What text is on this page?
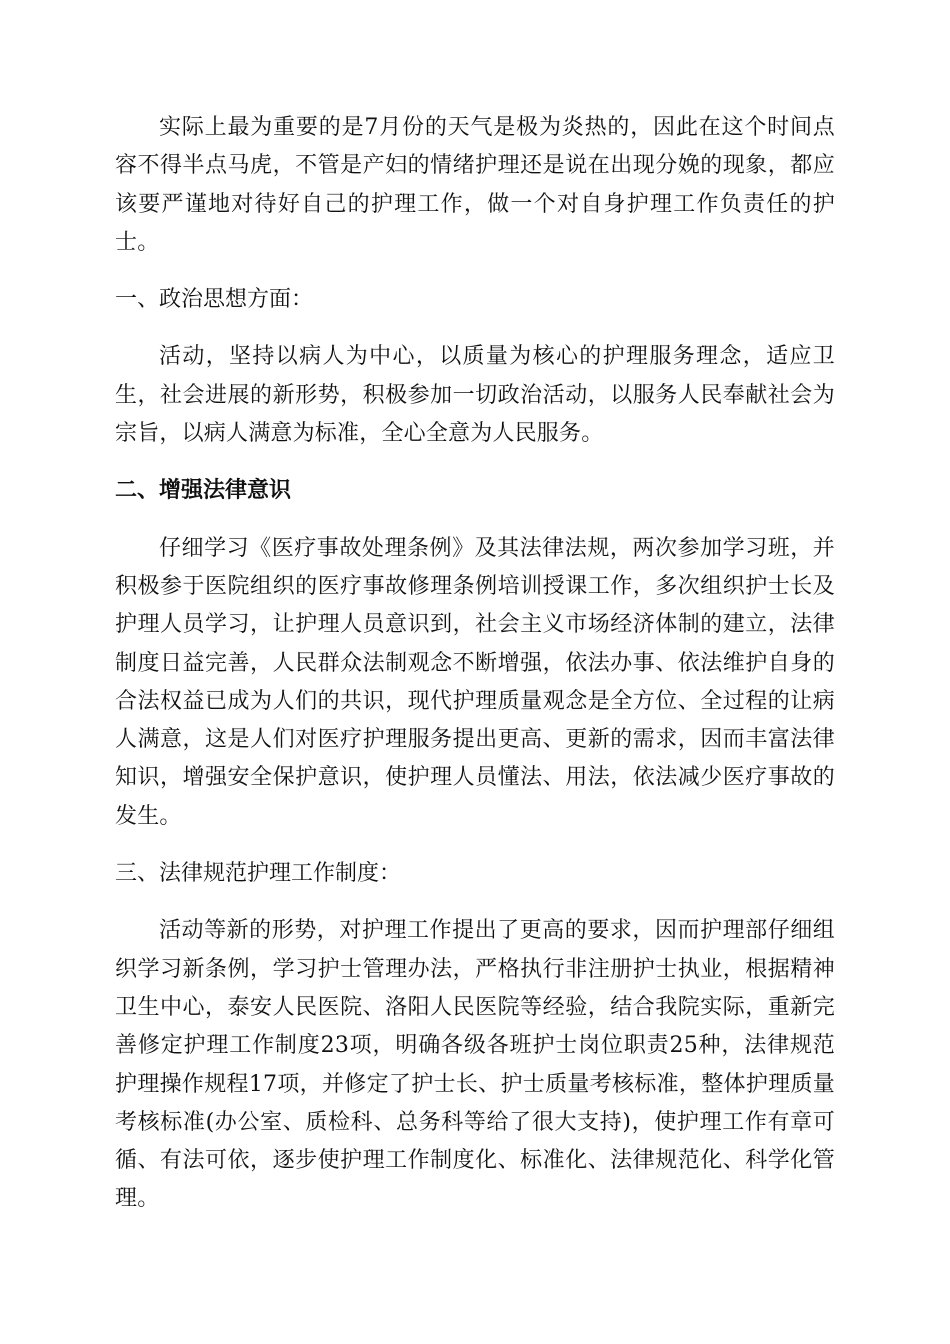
实际上最为重要的是7月份的天气是极为炎热的，因此在这个时间点容不得半点马虎，不管是产妇的情绪护理还是说在出现分娩的现象，都应该要严谨地对待好自己的护理工作，做一个对自身护理工作负责任的护士。

一、政治思想方面：

活动，坚持以病人为中心，以质量为核心的护理服务理念，适应卫生，社会进展的新形势，积极参加一切政治活动，以服务人民奉献社会为宗旨，以病人满意为标准，全心全意为人民服务。

二、增强法律意识

仔细学习《医疗事故处理条例》及其法律法规，两次参加学习班，并积极参于医院组织的医疗事故修理条例培训授课工作，多次组织护士长及护理人员学习，让护理人员意识到，社会主义市场经济体制的建立，法律制度日益完善，人民群众法制观念不断增强，依法办事、依法维护自身的合法权益已成为人们的共识，现代护理质量观念是全方位、全过程的让病人满意，这是人们对医疗护理服务提出更高、更新的需求，因而丰富法律知识，增强安全保护意识，使护理人员懂法、用法，依法减少医疗事故的发生。

三、法律规范护理工作制度：

活动等新的形势，对护理工作提出了更高的要求，因而护理部仔细组织学习新条例，学习护士管理办法，严格执行非注册护士执业，根据精神卫生中心，泰安人民医院、洛阳人民医院等经验，结合我院实际，重新完善修定护理工作制度23项，明确各级各班护士岗位职责25种，法律规范护理操作规程17项，并修定了护士长、护士质量考核标准，整体护理质量考核标准(办公室、质检科、总务科等给了很大支持)，使护理工作有章可循、有法可依，逐步使护理工作制度化、标准化、法律规范化、科学化管理。
